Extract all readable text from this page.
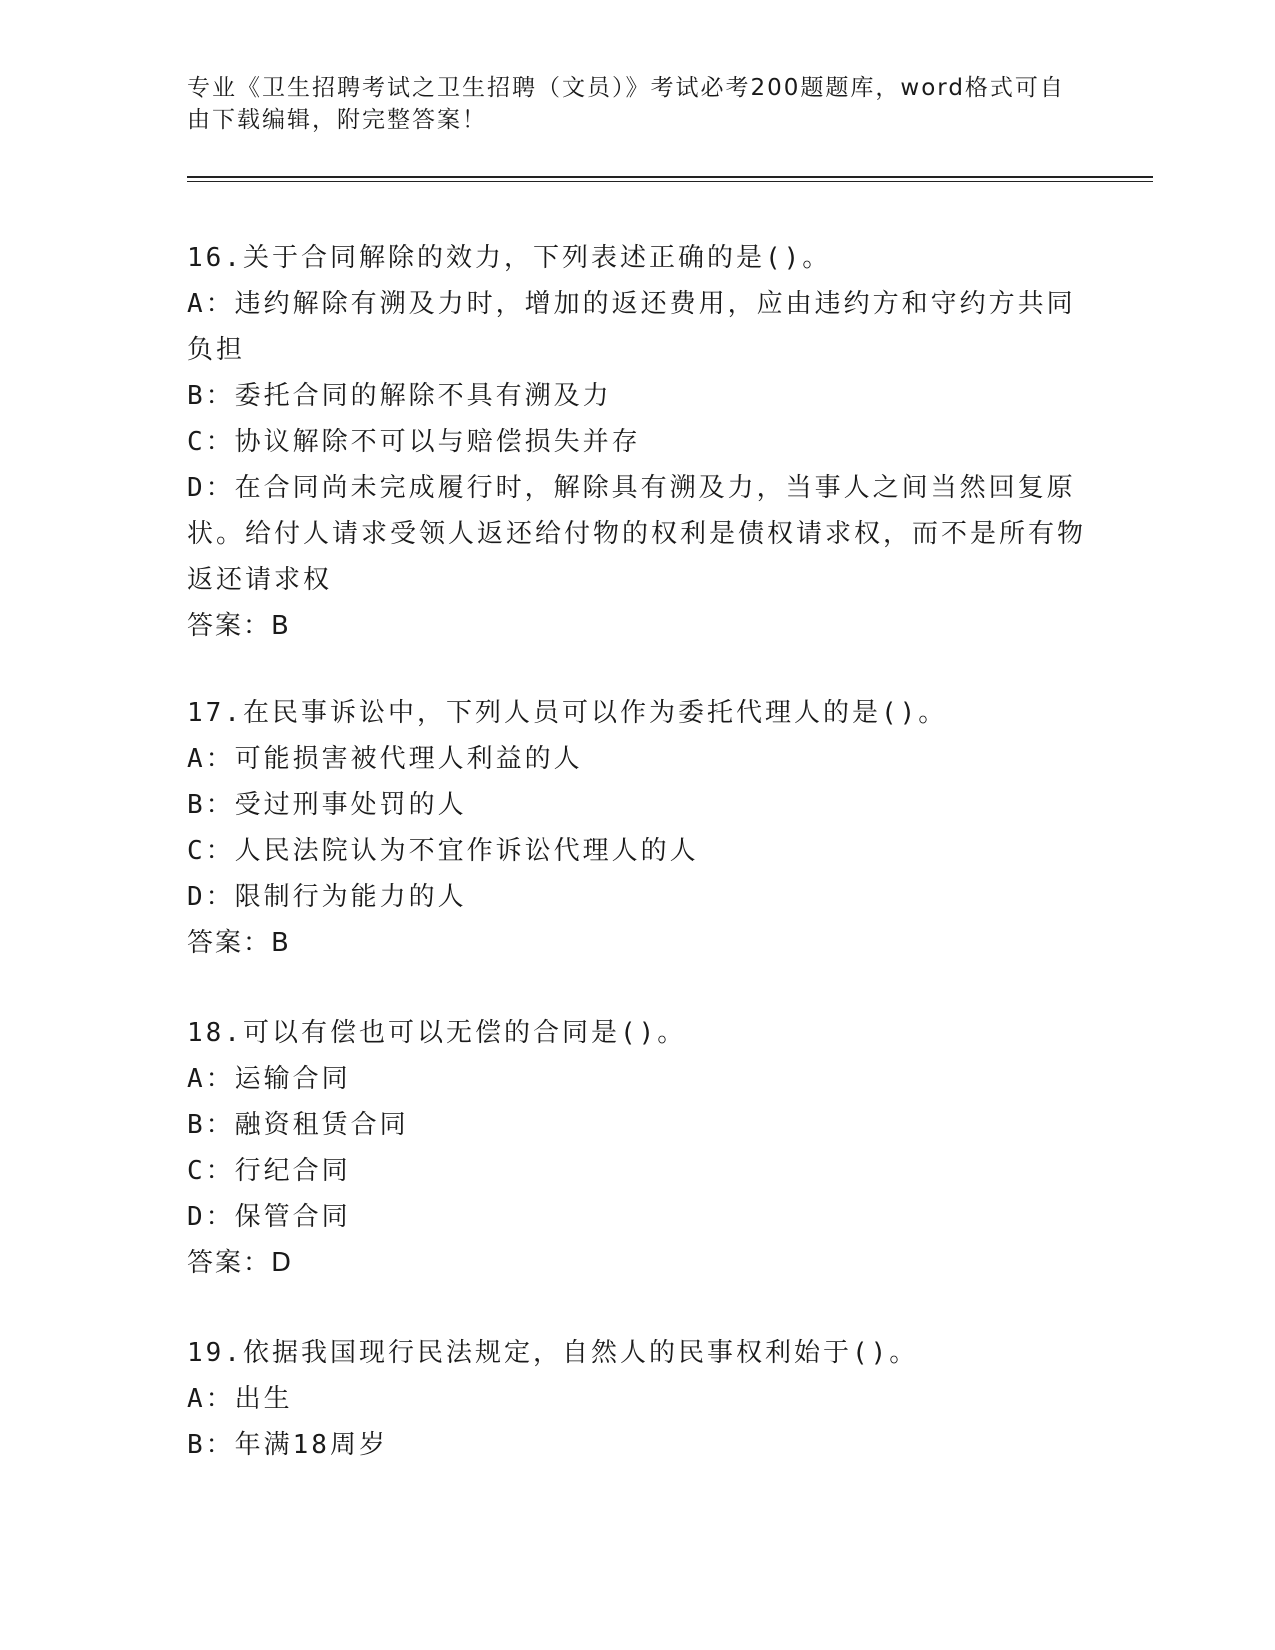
专业《卫生招聘考试之卫生招聘（文员）》考试必考200题题库，word格式可自由下载编辑，附完整答案！
16.关于合同解除的效力，下列表述正确的是()。
A：违约解除有溯及力时，增加的返还费用，应由违约方和守约方共同负担
B：委托合同的解除不具有溯及力
C：协议解除不可以与赔偿损失并存
D：在合同尚未完成履行时，解除具有溯及力，当事人之间当然回复原状。给付人请求受领人返还给付物的权利是债权请求权，而不是所有物返还请求权
答案：B
17.在民事诉讼中，下列人员可以作为委托代理人的是()。
A：可能损害被代理人利益的人
B：受过刑事处罚的人
C：人民法院认为不宜作诉讼代理人的人
D：限制行为能力的人
答案：B
18.可以有偿也可以无偿的合同是()。
A：运输合同
B：融资租赁合同
C：行纪合同
D：保管合同
答案：D
19.依据我国现行民法规定，自然人的民事权利始于()。
A：出生
B：年满18周岁
